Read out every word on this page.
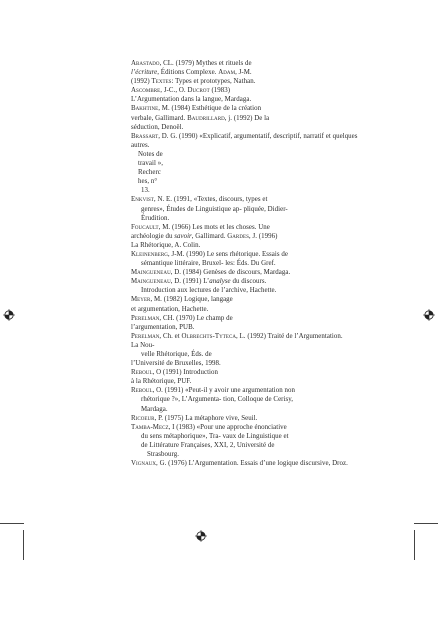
Abastado, CL. (1979) Mythes et rituels de
l’écriture, Éditions Complexe. Adam, J-M.
(1992) Textes: Types et prototypes, Nathan.
Ascombre, J-C., O. Ducrot (1983)
L’Argumentation dans la langue, Mardaga.
Bakhtine, M. (1984) Esthétique de la création
verbale, Gallimard. Baudrillard, j. (1992) De la
séduction, Denoël.
Brassart, D. G. (1990) «Explicatif, argumentatif, descriptif, narratif et quelques
autres.
Notes de
travail »,
Recherc
hes, n°
13.
Enkvist, N. E. (1991, «Textes, discours, types et
genres», Études de Linguistique ap- pliquée, Didier-
Érudition.
Foucault, M. (1966) Les mots et les choses. Une
archéologie du savoir, Gallimard. Gardes, J. (1996)
La Rhétorique, A. Colin.
Kleinenberg, J-M. (1990) Le sens rhétorique. Essais de
sémantique littéraire, Bruxel- les: Éds. Du Gref.
Maingueneau, D. (1984) Genèses de discours, Mardaga.
Maingueneau, D. (1991) L’analyse du discours.
Introduction aux lectures de l’archive, Hachette.
Meyer, M. (1982) Logique, langage
et argumentation, Hachette.
Perelman, CH. (1970) Le champ de
l’argumentation, PUB.
Perelman, Ch. et Olbrechts-Tyteca, L. (1992) Traité de l’Argumentation.
La Nou-
velle Rhétorique, Éds. de
l’Université de Bruxelles, 1998.
Reboul, O (1991) Introduction
à la Rhétorique, PUF.
Reboul, O. (1991) «Peut-il y avoir une argumentation non
rhétorique ?», L’Argumenta- tion, Colloque de Cerisy,
Mardaga.
Ricoeur, P. (1975) La métaphore vive, Seuil.
Tamba-Mecz, I (1983) «Pour une approche énonciative
du sens métaphorique», Tra- vaux de Linguistique et
de Littérature Françaises, XXI, 2, Université de
Strasbourg.
Vignaux, G. (1976) L’Argumentation. Essais d’une logique discursive, Droz.
